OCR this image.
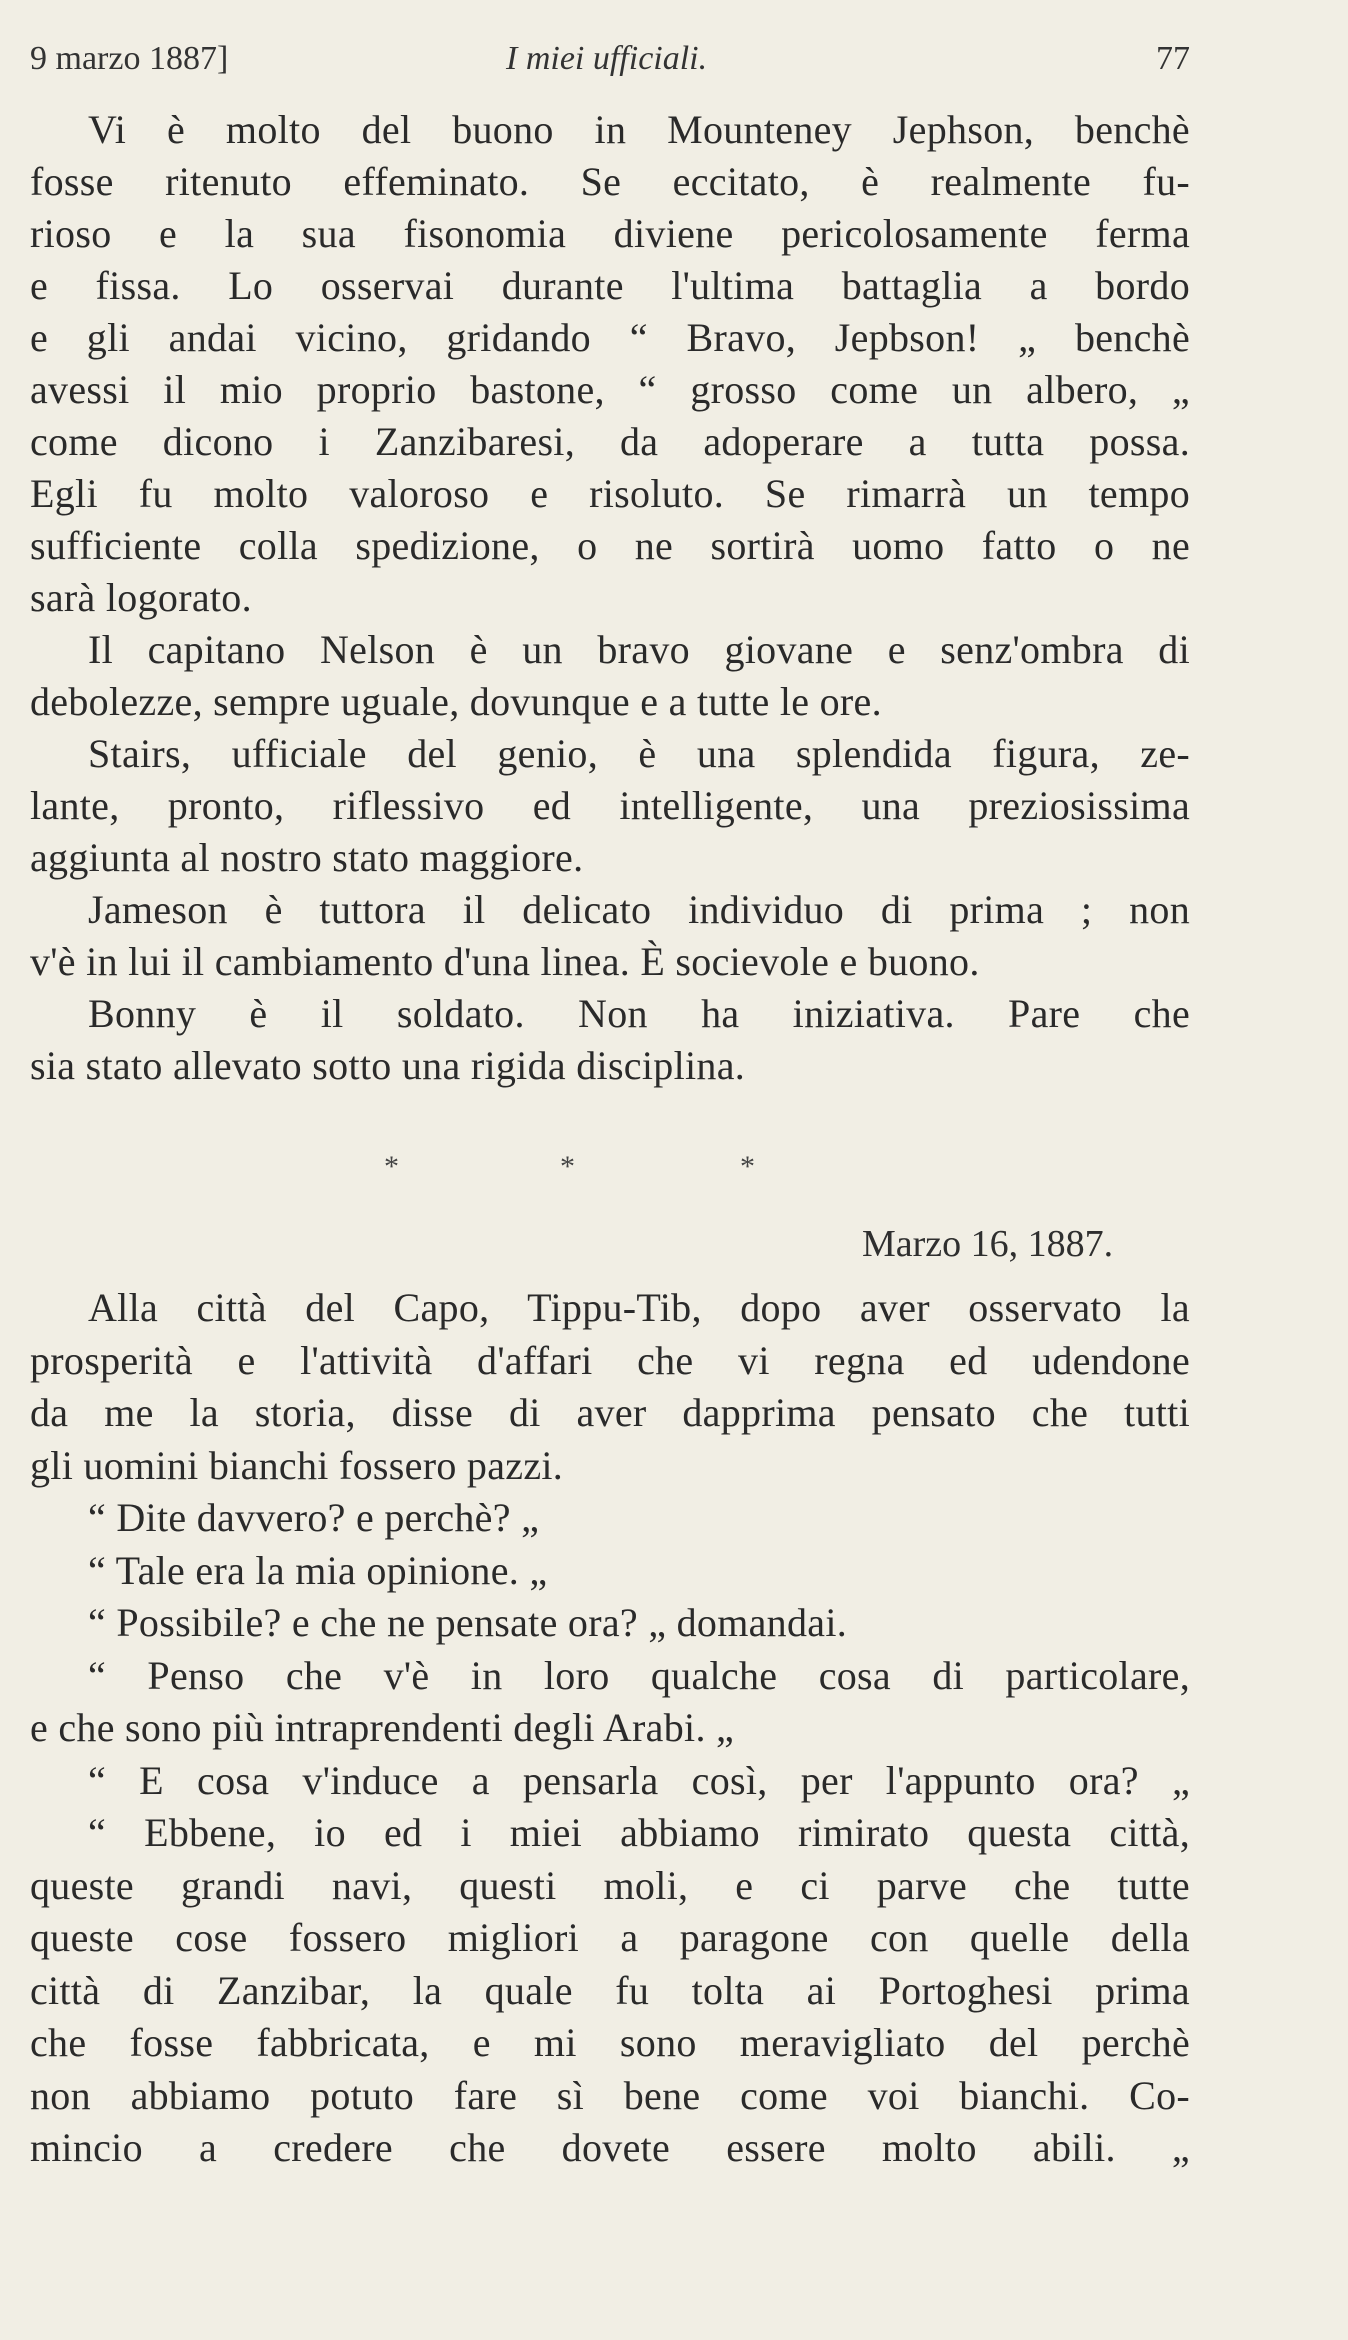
9 marzo 1887]	I miei ufficiali.	77
Vi è molto del buono in Mounteney Jephson, benchè
fosse ritenuto effeminato. Se eccitato, è realmente fu-
rioso e la sua fisonomia diviene pericolosamente ferma
e fissa. Lo osservai durante l'ultima battaglia a bordo
e gli andai vicino, gridando “ Bravo, Jepbson! „ benchè
avessi il mio proprio bastone, “ grosso come un albero, „
come dicono i Zanzibaresi, da adoperare a tutta possa.
Egli fu molto valoroso e risoluto. Se rimarrà un tempo
sufficiente colla spedizione, o ne sortirà uomo fatto o ne
sarà logorato.
Il capitano Nelson è un bravo giovane e senz'ombra di
debolezze, sempre uguale, dovunque e a tutte le ore.
Stairs, ufficiale del genio, è una splendida figura, ze-
lante, pronto, riflessivo ed intelligente, una preziosissima
aggiunta al nostro stato maggiore.
Jameson è tuttora il delicato individuo di prima ; non
v'è in lui il cambiamento d'una linea. È socievole e buono.
Bonny è il soldato. Non ha iniziativa. Pare che
sia stato allevato sotto una rigida disciplina.
*	*	*
Marzo 16, 1887.
Alla città del Capo, Tippu-Tib, dopo aver osservato la
prosperità e l'attività d'affari che vi regna ed udendone
da me la storia, disse di aver dapprima pensato che tutti
gli uomini bianchi fossero pazzi.
“ Dite davvero? e perchè? „
“ Tale era la mia opinione. „
“ Possibile? e che ne pensate ora? „ domandai.
“ Penso che v'è in loro qualche cosa di particolare,
e che sono più intraprendenti degli Arabi. „
“ E cosa v'induce a pensarla così, per l'appunto ora? „
“ Ebbene, io ed i miei abbiamo rimirato questa città,
queste grandi navi, questi moli, e ci parve che tutte
queste cose fossero migliori a paragone con quelle della
città di Zanzibar, la quale fu tolta ai Portoghesi prima
che fosse fabbricata, e mi sono meravigliato del perchè
non abbiamo potuto fare sì bene come voi bianchi. Co-
mincio a credere che dovete essere molto abili. „
